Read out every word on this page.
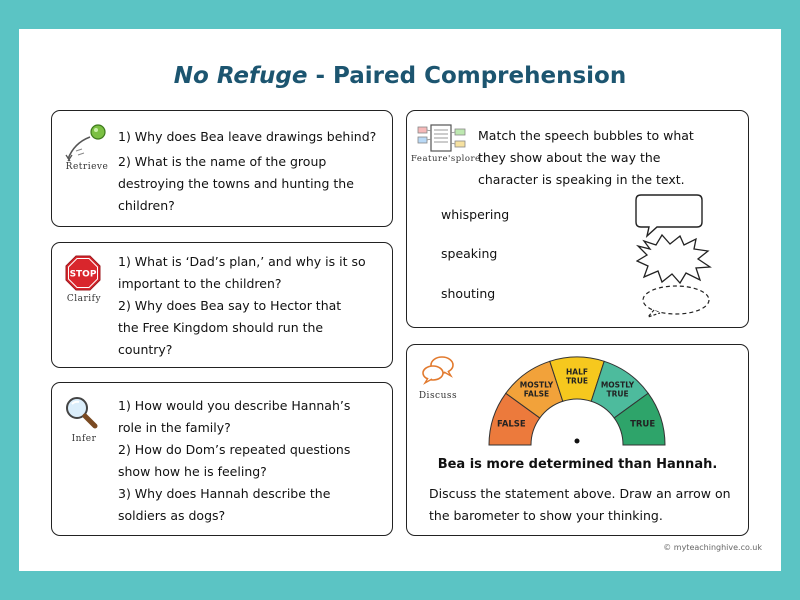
No Refuge - Paired Comprehension
Retrieve
1) Why does Bea leave drawings behind?
2) What is the name of the group
destroying the towns and hunting the
children?
STOP
Clarify
1) What is ‘Dad’s plan,’ and why is it so
important to the children?
2) Why does Bea say to Hector that
the Free Kingdom should run the
country?
Infer
1) How would you describe Hannah’s
role in the family?
2) How do Dom’s repeated questions
show how he is feeling?
3) Why does Hannah describe the
soldiers as dogs?
Feature'splore
Match the speech bubbles to what
they show about the way the
character is speaking in the text.
whispering
speaking
shouting
Discuss
FALSE
MOSTLY
FALSE
HALF
TRUE MOSTLY
TRUE
TRUE
Bea is more determined than Hannah.
Discuss the statement above. Draw an arrow on
the barometer to show your thinking.
© myteachinghive.co.uk
